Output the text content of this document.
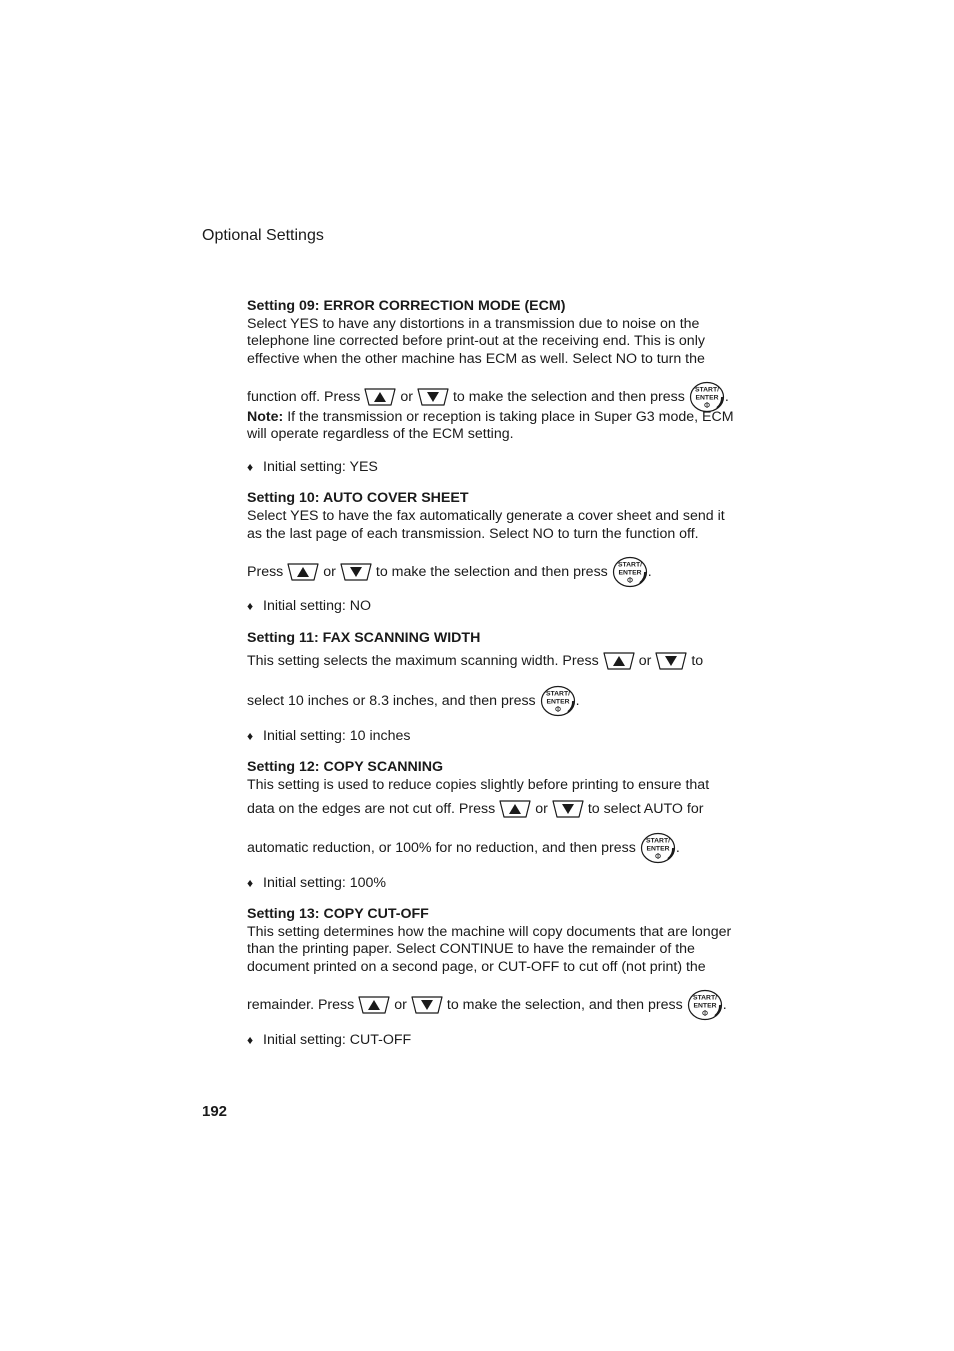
Optional Settings
Setting 09: ERROR CORRECTION MODE (ECM)
Select YES to have any distortions in a transmission due to noise on the
telephone line corrected before print-out at the receiving end. This is only
effective when the other machine has ECM as well. Select NO to turn the
function off. Press	or	to make the selection and then press START/
ENTER
Φ
.
Note: If the transmission or reception is taking place in Super G3 mode, ECM
will operate regardless of the ECM setting.
♦ Initial setting: YES
Setting 10: AUTO COVER SHEET
Select YES to have the fax automatically generate a cover sheet and send it
as the last page of each transmission. Select NO to turn the function off.
Press	or	to make the selection and then press START/
ENTER
Φ
.
♦ Initial setting: NO
Setting 11: FAX SCANNING WIDTH
This setting selects the maximum scanning width. Press	or	to
select 10 inches or 8.3 inches, and then press START/
ENTER
Φ
.
♦ Initial setting: 10 inches
Setting 12: COPY SCANNING
This setting is used to reduce copies slightly before printing to ensure that
data on the edges are not cut off. Press	or	to select AUTO for
automatic reduction, or 100% for no reduction, and then press START/
ENTER
Φ
.
♦ Initial setting: 100%
Setting 13: COPY CUT-OFF
This setting determines how the machine will copy documents that are longer
than the printing paper. Select CONTINUE to have the remainder of the
document printed on a second page, or CUT-OFF to cut off (not print) the
remainder. Press	or	to make the selection, and then press START/
ENTER
Φ
.
♦ Initial setting: CUT-OFF
192
